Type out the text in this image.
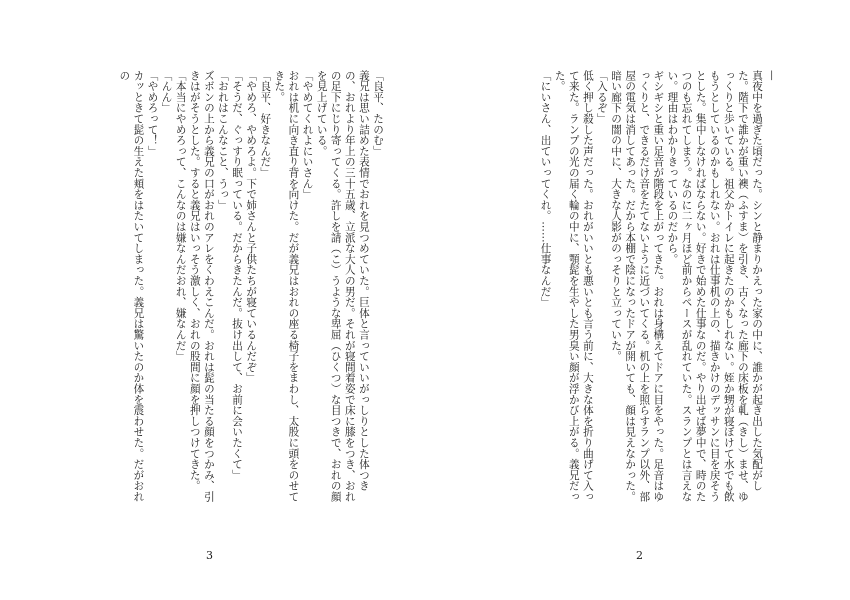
「良平、たのむ」

義兄は思い詰めた表情でおれを見つめていた。巨体と言っていいがっしりとした体つきの、おれより年上の三十五歳、立派な大人の男だ。それが寝間着姿で床に膝をつき、おれの足下にじり寄ってくる。許しを請（こ）うような卑屈（ひくつ）な目つきで、おれの顔を見上げている。

「やめてくれよにいさん」

おれは机に向き直り背を向けた。だが義兄はおれの座る椅子をまわし、太股に頭をのせてきた。

「良平、好きなんだ」

「やめろ、やめろよ。下で姉さんと子供たちが寝ているんだぞ」

「そうだ、ぐっすり眠っている。だからきたんだ。抜け出して、お前に会いたくて」

「おれはこんなこと、うっ」

ズボンの上から義兄の口がおれのアレをくわえこんだ。おれは髭の当たる顔をつかみ、引きはがそうとした。すると義兄はいっそう激しく、おれの股間に顔を押しつけてきた。

「本当にやめろって、こんなのは嫌なんだおれ、嫌なんだ」

「んん」

「やめろって！」

カッときて髭の生えた頬をはたいてしまった。義兄は驚いたのか体を震わせた。だがおれの

3
—

真夜中を過ぎた頃だった。シンと静まりかえった家の中に、誰かが起き出した気配がした。階下で誰かが重い襖（ふすま）を引き、古くなった廊下の床板を軋（きし）ませ、ゆっくりと歩いている。祖父かトイレに起きたのかもしれない。姪か甥が寝ぼけて水でも飲もうとしているのかもしれない。おれは仕事机の上の、描きかけのデッサンに目を戻そうとした。集中しなければならない。好きで始めた仕事なのだ。やり出せば夢中で、時のたつのも忘れてしまう。なのに二ヶ月ほど前からペースが乱れていた。スランプとは言えない。理由はわかりきっているのだから。

ギシギシと重い足音が階段を上がってきた。おれは身構えてドアに目をやった。足音はゆっくりと、できるだけ音をたてないように近づいてくる。机の上を照らすランプ以外、部屋の電気は消してあった。だから本棚で陰になったドアが開いても、顔は見えなかった。暗い廊下の闇の中に、大きな人影がのっそりと立っていた。

「入るぞ」

低く押し殺した声だった。おれがいいとも悪いとも言う前に、大きな体を折り曲げて入って来た。ランプの光の届く輪の中に、顎髭を生やした男臭い顔が浮かび上がる。義兄だった。

「にいさん、出ていってくれ。……仕事なんだ」

2
